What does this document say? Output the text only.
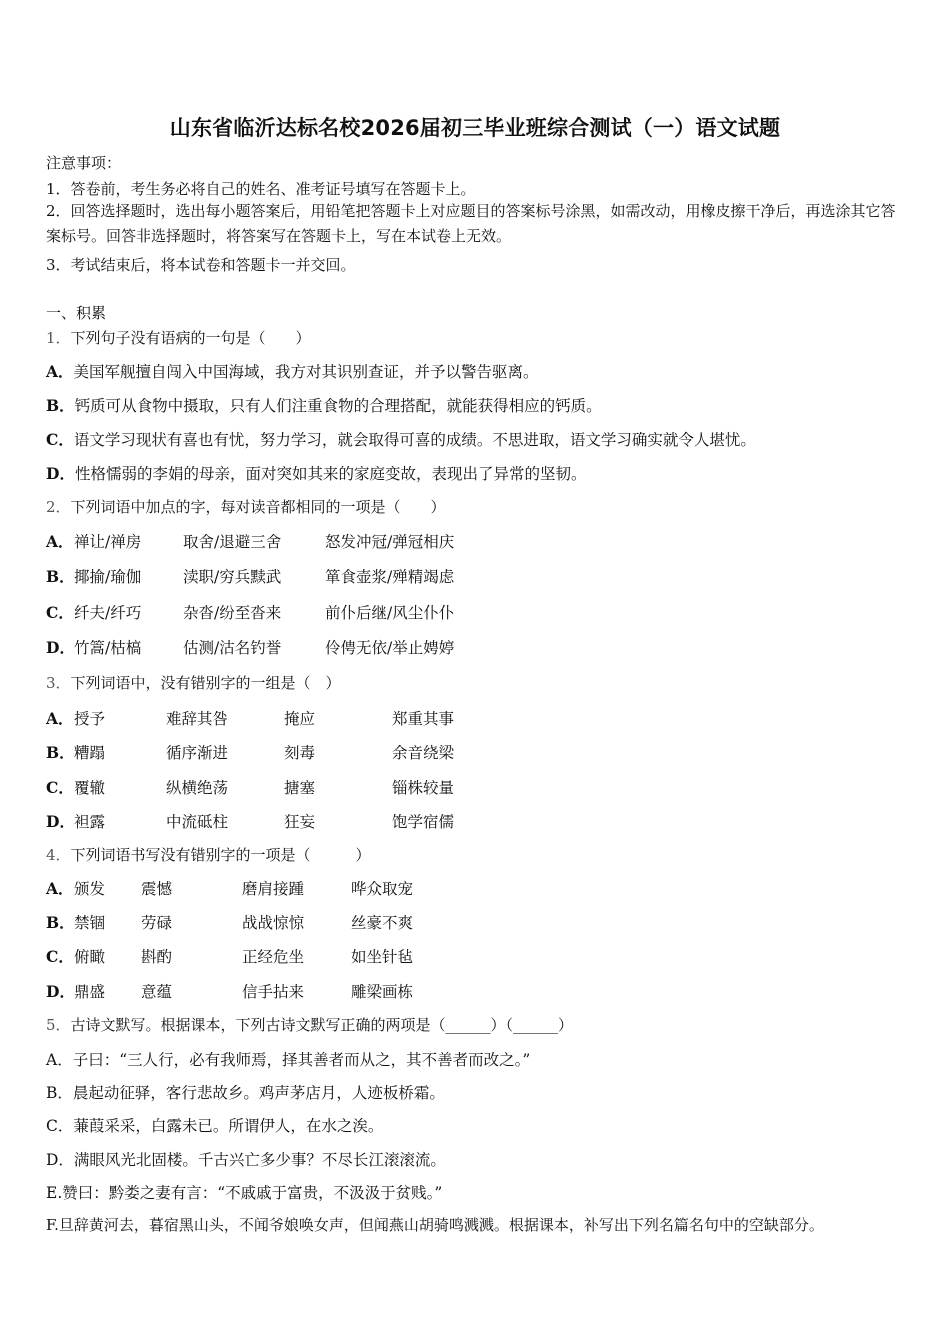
山东省临沂达标名校2026届初三毕业班综合测试（一）语文试题
注意事项：
1．答卷前，考生务必将自己的姓名、准考证号填写在答题卡上。
2．回答选择题时，选出每小题答案后，用铅笔把答题卡上对应题目的答案标号涂黑，如需改动，用橡皮擦干净后，再选涂其它答案标号。回答非选择题时，将答案写在答题卡上，写在本试卷上无效。
3．考试结束后，将本试卷和答题卡一并交回。
一、积累
1．下列句子没有语病的一句是（　　）
A．美国军舰擅自闯入中国海域，我方对其识别查证，并予以警告驱离。
B．钙质可从食物中摄取，只有人们注重食物的合理搭配，就能获得相应的钙质。
C．语文学习现状有喜也有忧，努力学习，就会取得可喜的成绩。不思进取，语文学习确实就令人堪忧。
D．性格懦弱的李娟的母亲，面对突如其来的家庭变故，表现出了异常的坚韧。
2．下列词语中加点的字，每对读音都相同的一项是（　　）
A． 禅让/禅房	取舍/退避三舍	怒发冲冠/弹冠相庆
B． 揶揄/瑜伽	渎职/穷兵黩武	箪食壶浆/殚精竭虑
C． 纤夫/纤巧	杂沓/纷至沓来	前仆后继/风尘仆仆
D． 竹篙/枯槁	估测/沽名钓誉	伶俜无依/举止娉婷
3．下列词语中，没有错别字的一组是（　）
A． 授予	难辞其咎	掩应	郑重其事
B． 糟蹋	循序渐进	刻毒	余音绕梁
C． 覆辙	纵横绝荡	搪塞	锱株较量
D． 袒露	中流砥柱	狂妄	饱学宿儒
4．下列词语书写没有错别字的一项是（　　　）
A． 颁发 震憾	磨肩接踵	哗众取宠
B． 禁锢 劳碌	战战惊惊	丝豪不爽
C． 俯瞰 斟酌	正经危坐	如坐针毡
D． 鼎盛 意蕴	信手拈来	雕梁画栋
5．古诗文默写。根据课本，下列古诗文默写正确的两项是（______）（______）
A．子曰：“三人行，必有我师焉，择其善者而从之，其不善者而改之。”
B．晨起动征驿，客行悲故乡。鸡声茅店月，人迹板桥霜。
C．蒹葭采采，白露未已。所谓伊人，在水之涘。
D．满眼风光北固楼。千古兴亡多少事？不尽长江滚滚流。
E.赞曰：黔娄之妻有言：“不戚戚于富贵，不汲汲于贫贱。”
F.旦辞黄河去，暮宿黑山头，不闻爷娘唤女声，但闻燕山胡骑鸣溅溅。根据课本，补写出下列名篇名句中的空缺部分。
